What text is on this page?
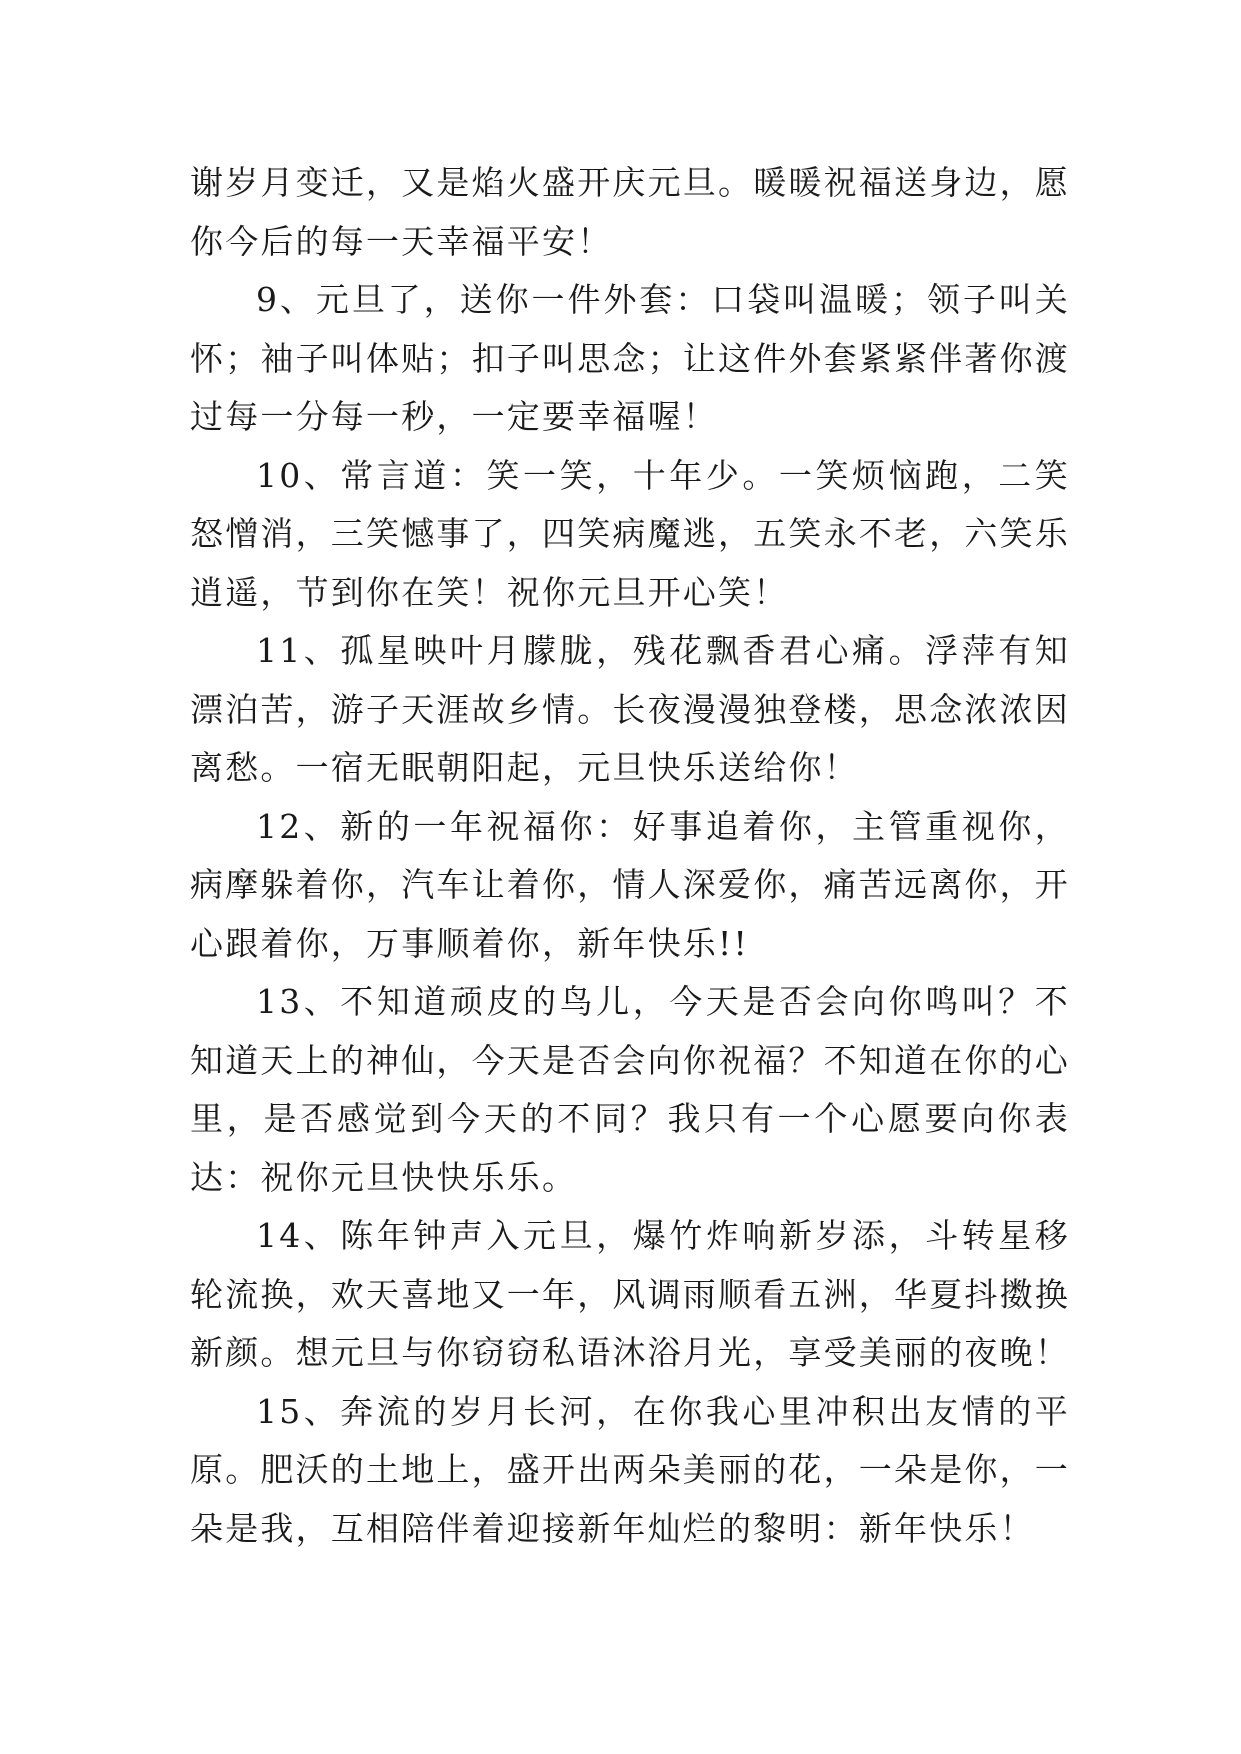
谢岁月变迁，又是焰火盛开庆元旦。暖暖祝福送身边，愿你今后的每一天幸福平安！

9、元旦了，送你一件外套：口袋叫温暖；领子叫关怀；袖子叫体贴；扣子叫思念；让这件外套紧紧伴著你渡过每一分每一秒，一定要幸福喔！

10、常言道：笑一笑，十年少。一笑烦恼跑，二笑怒憎消，三笑憾事了，四笑病魔逃，五笑永不老，六笑乐逍遥，节到你在笑！祝你元旦开心笑！

11、孤星映叶月朦胧，残花飘香君心痛。浮萍有知漂泊苦，游子天涯故乡情。长夜漫漫独登楼，思念浓浓因离愁。一宿无眠朝阳起，元旦快乐送给你！

12、新的一年祝福你：好事追着你，主管重视你，病摩躲着你，汽车让着你，情人深爱你，痛苦远离你，开心跟着你，万事顺着你，新年快乐!!

13、不知道顽皮的鸟儿，今天是否会向你鸣叫？不知道天上的神仙，今天是否会向你祝福？不知道在你的心里，是否感觉到今天的不同？我只有一个心愿要向你表达：祝你元旦快快乐乐。

14、陈年钟声入元旦，爆竹炸响新岁添，斗转星移轮流换，欢天喜地又一年，风调雨顺看五洲，华夏抖擞换新颜。想元旦与你窃窃私语沐浴月光，享受美丽的夜晚！

15、奔流的岁月长河，在你我心里冲积出友情的平原。肥沃的土地上，盛开出两朵美丽的花，一朵是你，一朵是我，互相陪伴着迎接新年灿烂的黎明：新年快乐！
